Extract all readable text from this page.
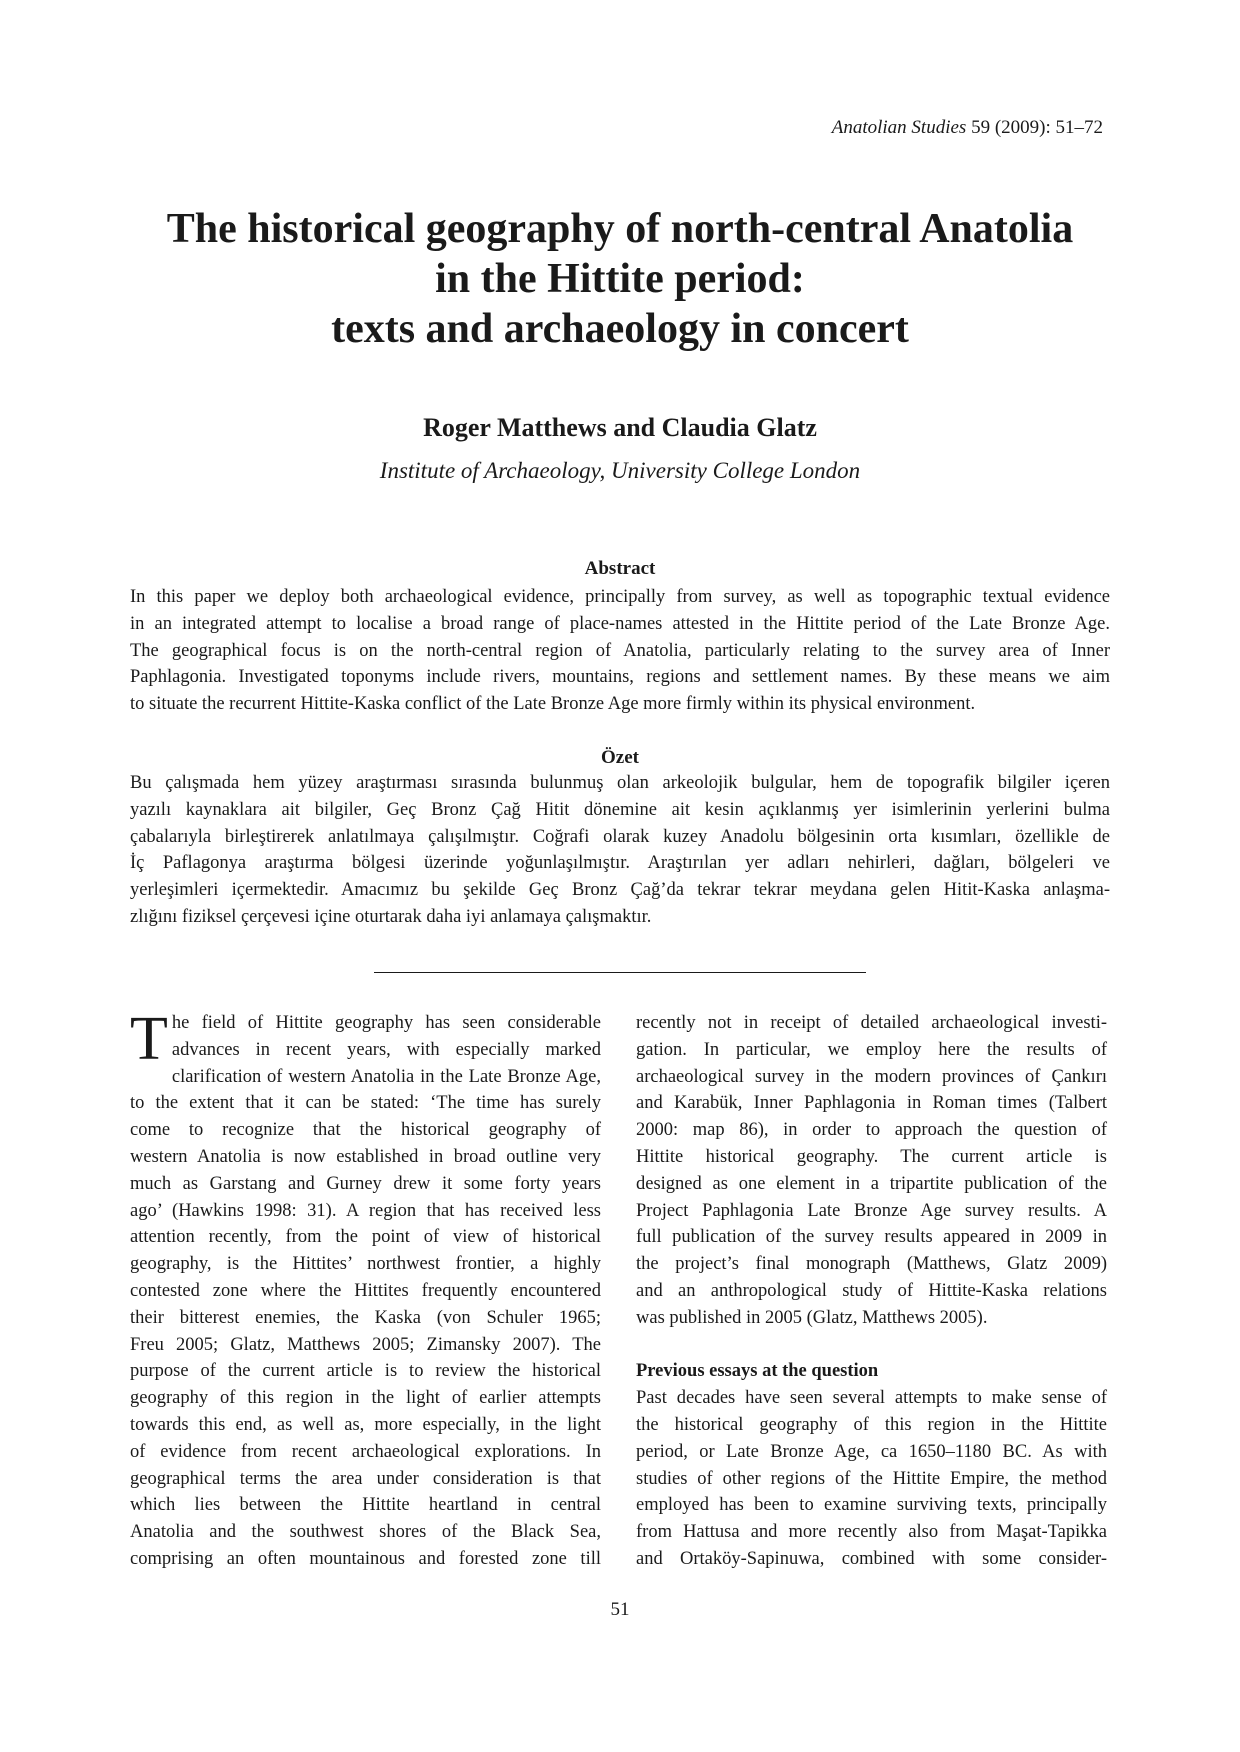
Anatolian Studies 59 (2009): 51–72
The historical geography of north-central Anatolia
in the Hittite period:
texts and archaeology in concert
Roger Matthews and Claudia Glatz
Institute of Archaeology, University College London
Abstract
In this paper we deploy both archaeological evidence, principally from survey, as well as topographic textual evidence
in an integrated attempt to localise a broad range of place-names attested in the Hittite period of the Late Bronze Age.
The geographical focus is on the north-central region of Anatolia, particularly relating to the survey area of Inner
Paphlagonia. Investigated toponyms include rivers, mountains, regions and settlement names. By these means we aim
to situate the recurrent Hittite-Kaska conflict of the Late Bronze Age more firmly within its physical environment.
Özet
Bu çalışmada hem yüzey araştırması sırasında bulunmuş olan arkeolojik bulgular, hem de topografik bilgiler içeren
yazılı kaynaklara ait bilgiler, Geç Bronz Çağ Hitit dönemine ait kesin açıklanmış yer isimlerinin yerlerini bulma
çabalarıyla birleştirerek anlatılmaya çalışılmıştır. Coğrafi olarak kuzey Anadolu bölgesinin orta kısımları, özellikle de
İç Paflagonya araştırma bölgesi üzerinde yoğunlaşılmıştır. Araştırılan yer adları nehirleri, dağları, bölgeleri ve
yerleşimleri içermektedir. Amacımız bu şekilde Geç Bronz Çağ’da tekrar tekrar meydana gelen Hitit-Kaska anlaşma-
zlığını fiziksel çerçevesi içine oturtarak daha iyi anlamaya çalışmaktır.
T he field of Hittite geography has seen considerable
advances in recent years, with especially marked
clarification of western Anatolia in the Late Bronze Age,
to the extent that it can be stated: ‘The time has surely
come to recognize that the historical geography of
western Anatolia is now established in broad outline very
much as Garstang and Gurney drew it some forty years
ago’ (Hawkins 1998: 31). A region that has received less
attention recently, from the point of view of historical
geography, is the Hittites’ northwest frontier, a highly
contested zone where the Hittites frequently encountered
their bitterest enemies, the Kaska (von Schuler 1965;
Freu 2005; Glatz, Matthews 2005; Zimansky 2007). The
purpose of the current article is to review the historical
geography of this region in the light of earlier attempts
towards this end, as well as, more especially, in the light
of evidence from recent archaeological explorations. In
geographical terms the area under consideration is that
which lies between the Hittite heartland in central
Anatolia and the southwest shores of the Black Sea,
comprising an often mountainous and forested zone till
recently not in receipt of detailed archaeological investi-
gation. In particular, we employ here the results of
archaeological survey in the modern provinces of Çankırı
and Karabük, Inner Paphlagonia in Roman times (Talbert
2000: map 86), in order to approach the question of
Hittite historical geography. The current article is
designed as one element in a tripartite publication of the
Project Paphlagonia Late Bronze Age survey results. A
full publication of the survey results appeared in 2009 in
the project’s final monograph (Matthews, Glatz 2009)
and an anthropological study of Hittite-Kaska relations
was published in 2005 (Glatz, Matthews 2005).
Previous essays at the question
Past decades have seen several attempts to make sense of
the historical geography of this region in the Hittite
period, or Late Bronze Age, ca 1650–1180 BC. As with
studies of other regions of the Hittite Empire, the method
employed has been to examine surviving texts, principally
from Hattusa and more recently also from Maşat-Tapikka
and Ortaköy-Sapinuwa, combined with some consider-
51
